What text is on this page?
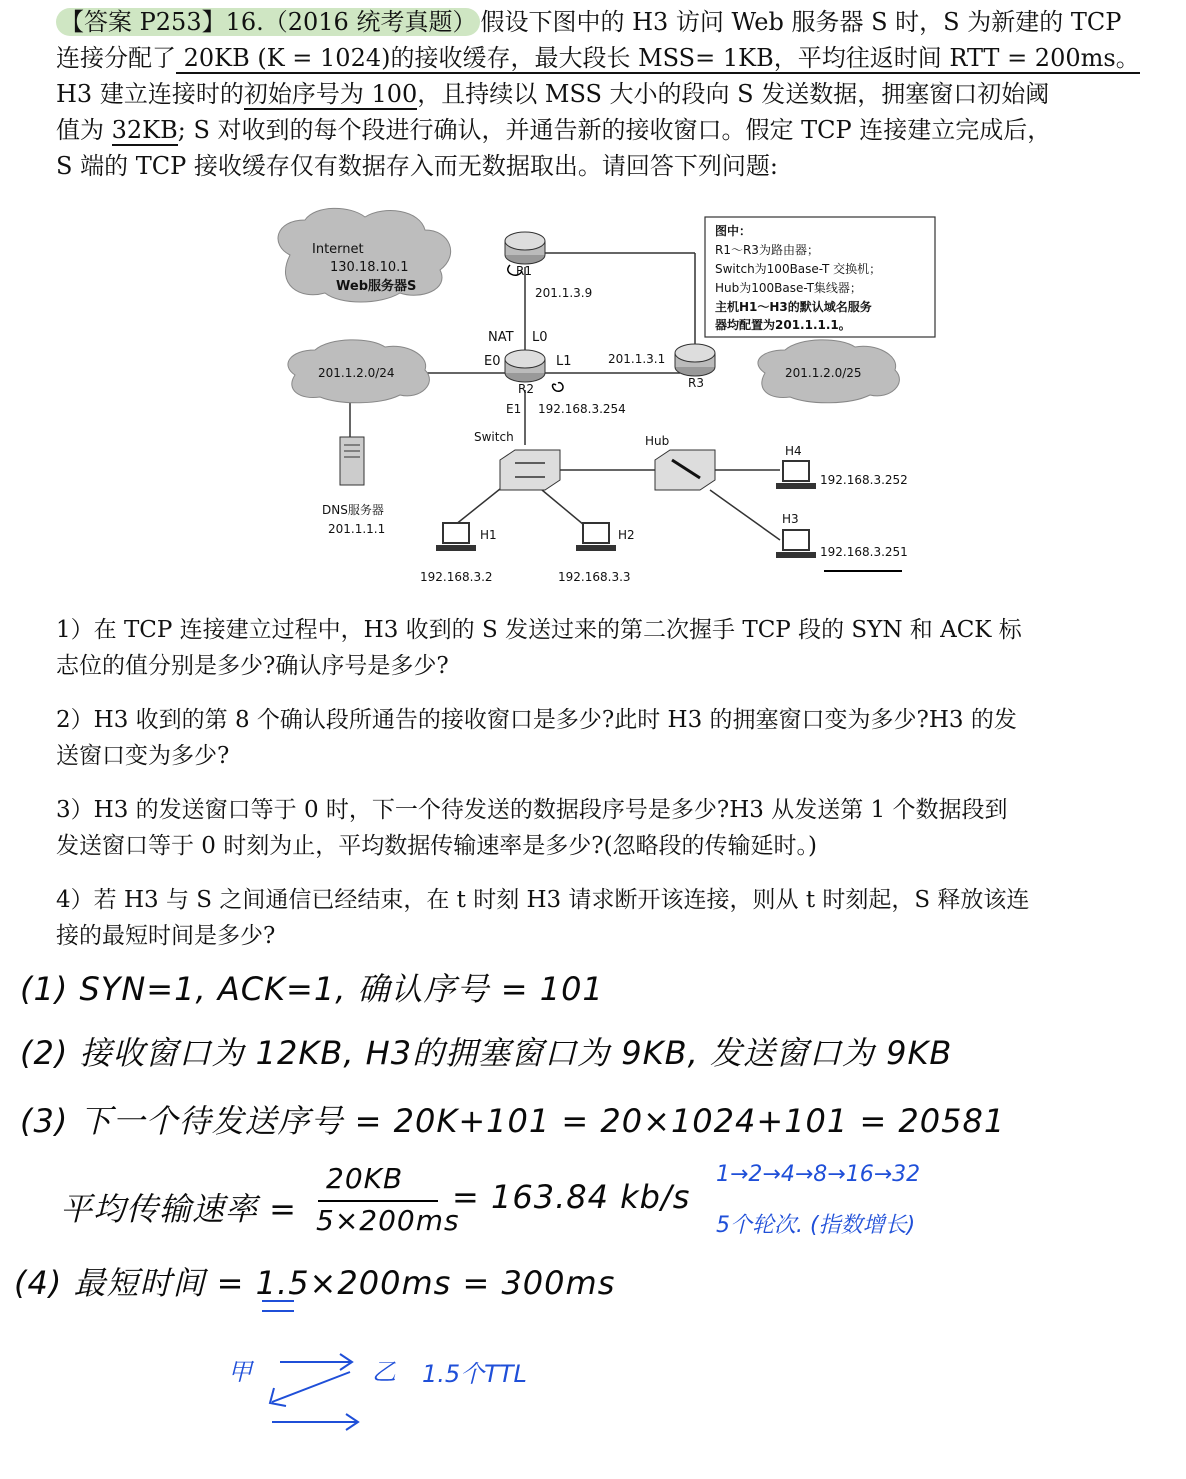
【答案 P253】16.（2016 统考真题） 假设下图中的 H3 访问 Web 服务器 S 时，S 为新建的 TCP
连接分配了 20KB (K = 1024)的接收缓存，最大段长 MSS= 1KB，平均往返时间 RTT = 200ms。
H3 建立连接时的初始序号为 100，且持续以 MSS 大小的段向 S 发送数据，拥塞窗口初始阈
值为 32KB; S 对收到的每个段进行确认，并通告新的接收窗口。假定 TCP 连接建立完成后，
S 端的 TCP 接收缓存仅有数据存入而无数据取出。请回答下列问题:
Internet
130.18.10.1
Web服务器S
R1
201.1.3.9
图中：
R1～R3为路由器；
Switch为100Base-T 交换机；
Hub为100Base-T集线器；
主机H1～H3的默认域名服务
器均配置为201.1.1.1。
NAT L0
E0	L1
R2
E1 192.168.3.254
201.1.2.0/24
201.1.3.1
R3
201.1.2.0/25
Switch	Hub
DNS服务器
201.1.1.1	H1
192.168.3.2
H2
192.168.3.3
H4
192.168.3.252
H3
192.168.3.251
1）在 TCP 连接建立过程中，H3 收到的 S 发送过来的第二次握手 TCP 段的 SYN 和 ACK 标
志位的值分别是多少?确认序号是多少?
2）H3 收到的第 8 个确认段所通告的接收窗口是多少?此时 H3 的拥塞窗口变为多少?H3 的发
送窗口变为多少?
3）H3 的发送窗口等于 0 时，下一个待发送的数据段序号是多少?H3 从发送第 1 个数据段到
发送窗口等于 0 时刻为止，平均数据传输速率是多少?(忽略段的传输延时。)
4）若 H3 与 S 之间通信已经结束，在 t 时刻 H3 请求断开该连接，则从 t 时刻起，S 释放该连
接的最短时间是多少?
(1) SYN=1, ACK=1, 确认序号 = 101
(2) 接收窗口为 12KB, H3的拥塞窗口为 9KB, 发送窗口为 9KB
(3) 下一个待发送序号 = 20K+101 = 20×1024+101 = 20581
平均传输速率 =
20KB
5×200ms
= 163.84 kb/s
1→2→4→8→16→32
5个轮次. (指数增长)
(4) 最短时间 = 1.5×200ms = 300ms
甲	乙 1.5个TTL
